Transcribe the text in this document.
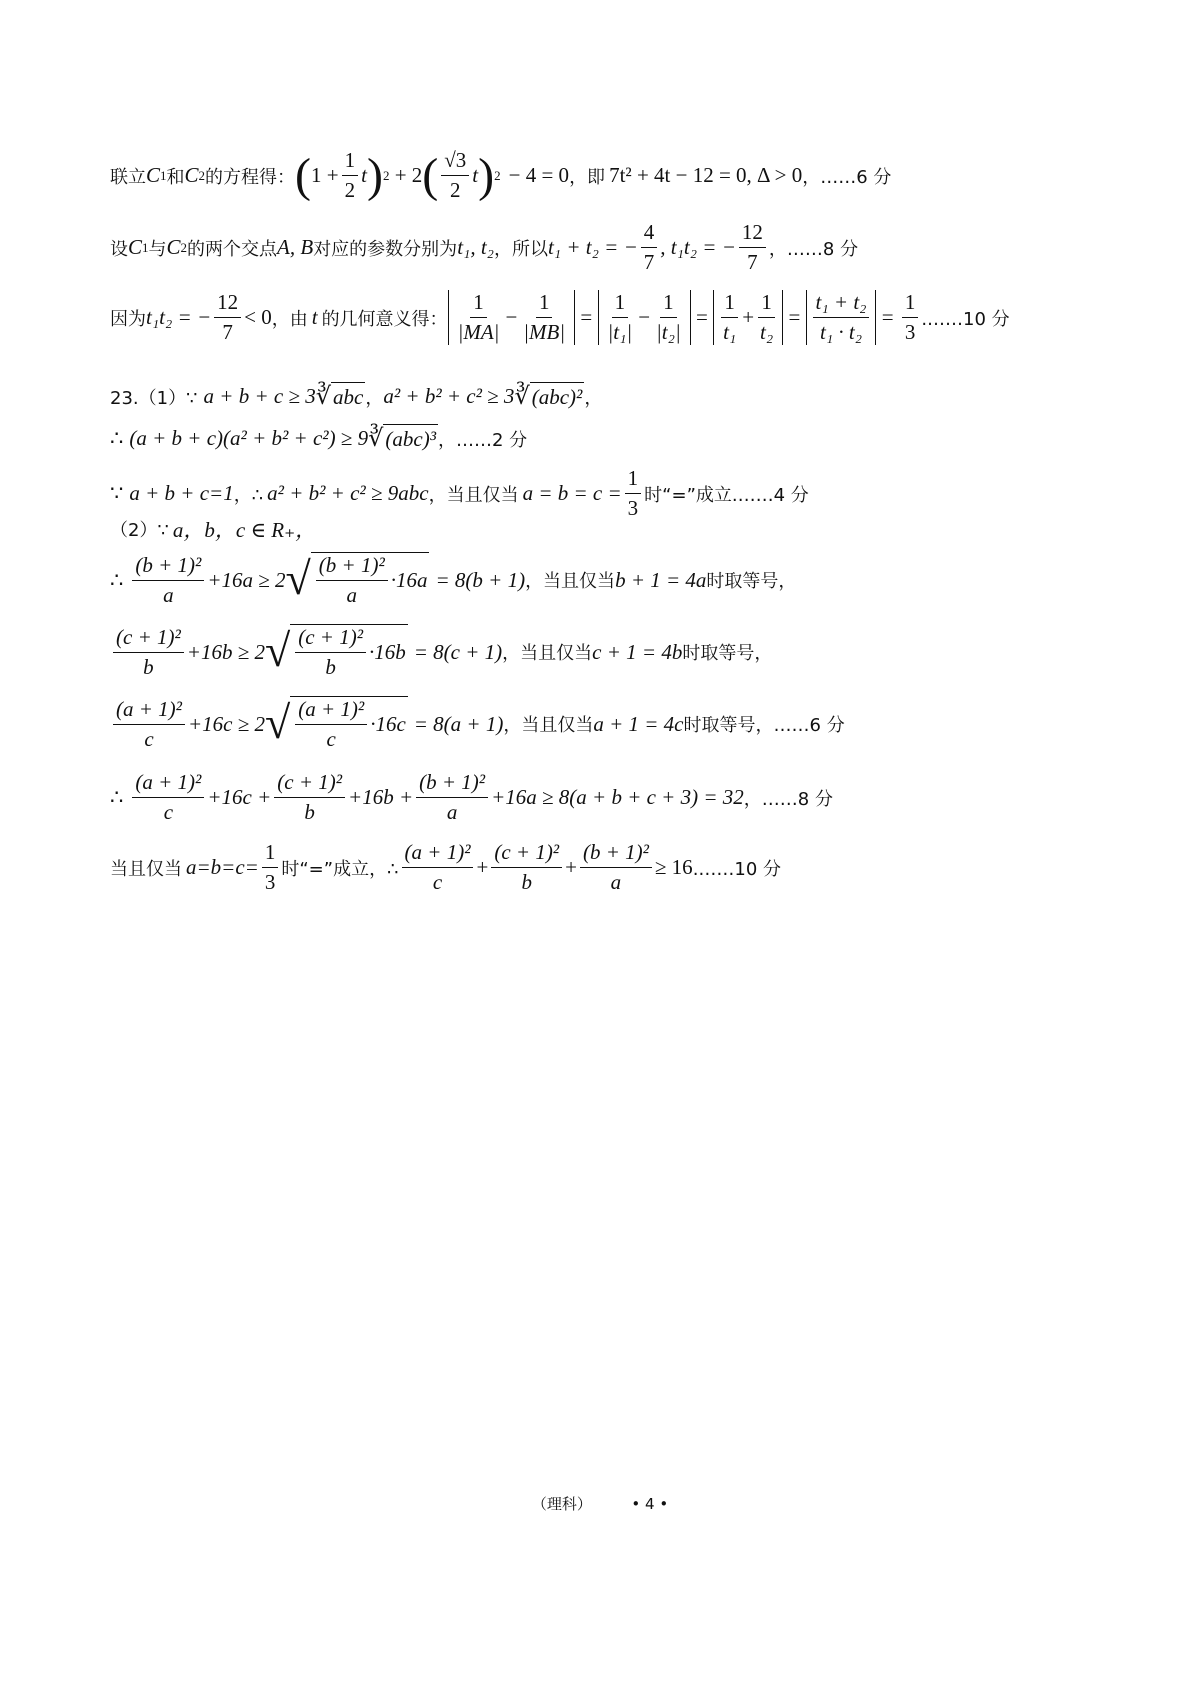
联立 C 1 和 C 2 的方程得： ( $1 + \frac{1}{2}$ t ) 2 + 2 ( $\frac{√3}{2}$ t ) 2 − 4 = 0 ，即 7t² + 4t − 12 = 0, Δ > 0 ，……6 分
设 C 1 与 C 2 的两个交点 A, B 对应的参数分别为 t₁, t₂ ，所以 t₁ + t₂ = − $\frac{4}{7}$ , t₁t₂ = − $\frac{12}{7}$ ，……8 分
因为 t₁t₂ = − $\frac{12}{7} < 0$ ，由 t 的几何意义得： $\frac{1}{|MA|} - \frac{1}{|MB|} = \frac{1}{\text{|t₁|}} - \frac{1}{\text{|t₂|}} = \frac{1}{\text{t₁}} + \frac{1}{\text{t₂}} = \frac{\text{t₁ + t₂}}{\text{t₁ · t₂}} = \frac{1}{3}$ .……10 分
23.（1）∵ a + b + c ≥ 3 ∛ abc ， a² + b² + c² ≥ 3 ∛ (abc)² ，
∴ (a + b + c)(a² + b² + c²) ≥ 9 ∛ (abc)³ ，……2 分
∵ a + b + c=1 ，∴ a² + b² + c² ≥ 9abc ，当且仅当 $a = b = c = \frac{1}{3}$ 时“=”成立.……4 分
（2）∵ a，b，c ∈ R₊，
∴ $\frac{\text{(b + 1)²}}{a} +16a \ge 2$ √ $\frac{\text{(b + 1)²}}{a} \cdot 16a = 8(b + 1)$ ，当且仅当 b + 1 = 4a 时取等号，
$\frac{\text{(c + 1)²}}{b} +16b \ge 2$ √ $\frac{\text{(c + 1)²}}{b} \cdot 16b = 8(c + 1)$ ，当且仅当 c + 1 = 4b 时取等号，
$\frac{\text{(a + 1)²}}{c} +16c \ge 2$ √ $\frac{\text{(a + 1)²}}{c} \cdot 16c = 8(a + 1)$ ，当且仅当 a + 1 = 4c 时取等号，……6 分
∴ $\frac{\text{(a + 1)²}}{c} +16c + \frac{\text{(c + 1)²}}{b} +16b + \frac{\text{(b + 1)²}}{a} +16a \ge 8(a + b + c + 3) = 32$ ，……8 分
当且仅当 $a=b=c= \frac{1}{3}$ 时“=”成立，∴ $\frac{\text{(a + 1)²}}{c} + \frac{\text{(c + 1)²}}{b} + \frac{\text{(b + 1)²}}{a} \ge 16$ .……10 分
（理科）	• 4 •
